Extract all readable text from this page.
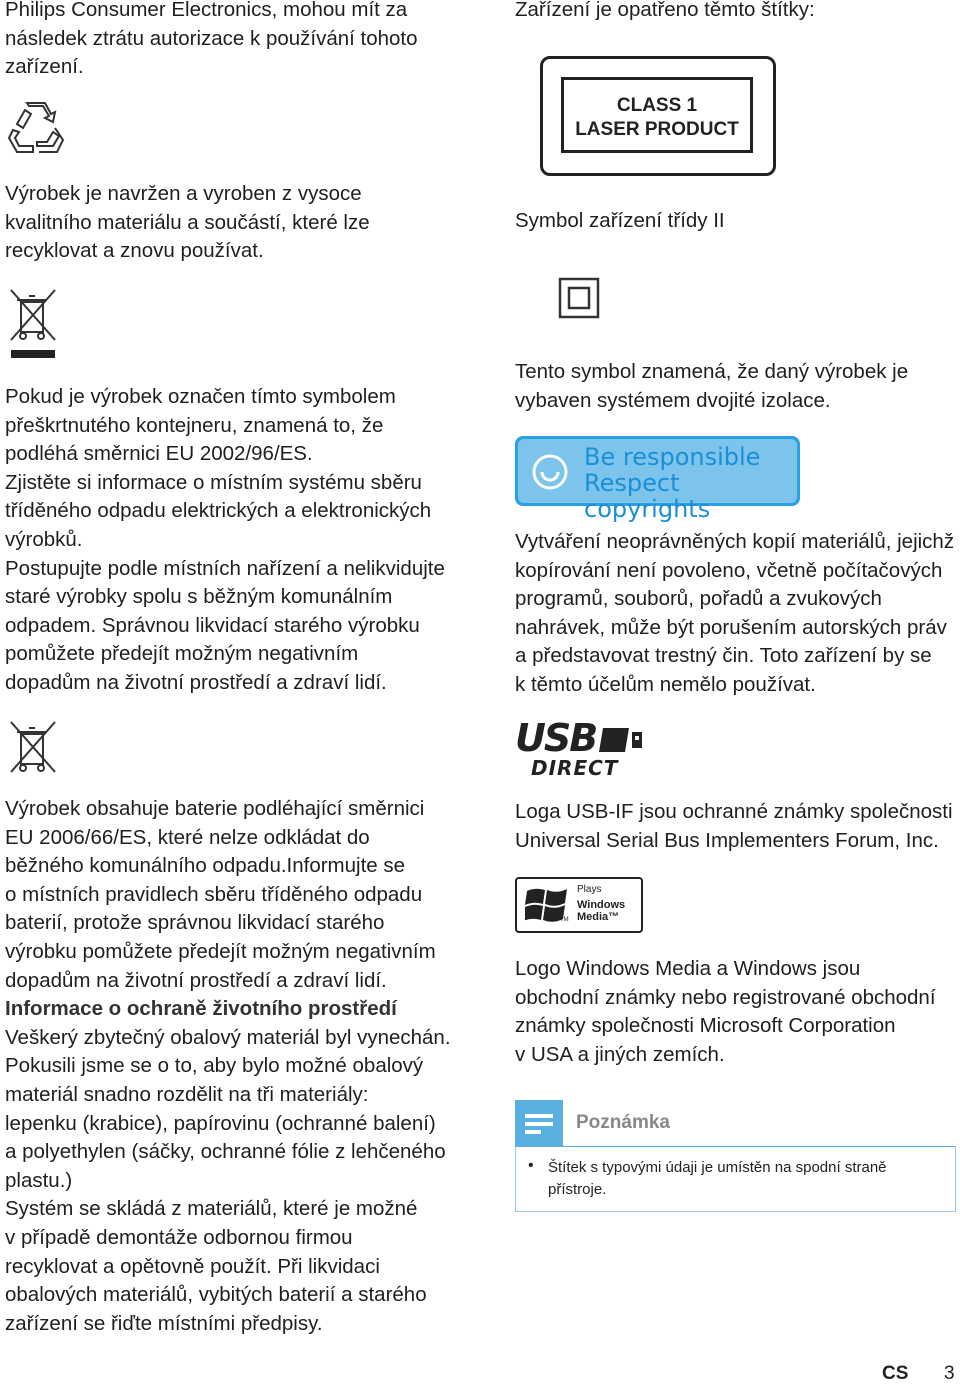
Philips Consumer Electronics, mohou mít za

následek ztrátu autorizace k používání tohoto

zařízení.

Výrobek je navržen a vyroben z vysoce

kvalitního materiálu a součástí, které lze

recyklovat a znovu používat.

Pokud je výrobek označen tímto symbolem

přeškrtnutého kontejneru, znamená to, že

podléhá směrnici EU 2002/96/ES.

Zjistěte si informace o místním systému sběru

tříděného odpadu elektrických a elektronických

výrobků.

Postupujte podle místních nařízení a nelikvidujte

staré výrobky spolu s běžným komunálním

odpadem. Správnou likvidací starého výrobku

pomůžete předejít možným negativním

dopadům na životní prostředí a zdraví lidí.

Výrobek obsahuje baterie podléhající směrnici

EU 2006/66/ES, které nelze odkládat do

běžného komunálního odpadu.Informujte se

o místních pravidlech sběru tříděného odpadu

baterií, protože správnou likvidací starého

výrobku pomůžete předejít možným negativním

dopadům na životní prostředí a zdraví lidí.

Informace o ochraně životního prostředí

Veškerý zbytečný obalový materiál byl vynechán.

Pokusili jsme se o to, aby bylo možné obalový

materiál snadno rozdělit na tři materiály:

lepenku (krabice), papírovinu (ochranné balení)

a polyethylen (sáčky, ochranné fólie z lehčeného

plastu.)

Systém se skládá z materiálů, které je možné

v případě demontáže odbornou firmou

recyklovat a opětovně použít. Při likvidaci

obalových materiálů, vybitých baterií a starého

zařízení se řiďte místními předpisy.

Zařízení je opatřeno těmto štítky:

CLASS 1
LASER PRODUCT

Symbol zařízení třídy II

Tento symbol znamená, že daný výrobek je

vybaven systémem dvojité izolace.

Be responsible
Respect copyrights

Vytváření neoprávněných kopií materiálů, jejichž

kopírování není povoleno, včetně počítačových

programů, souborů, pořadů a zvukových

nahrávek, může být porušením autorských práv

a představovat trestný čin. Toto zařízení by se

k těmto účelům nemělo používat.

USB
DIRECT

Loga USB-IF jsou ochranné známky společnosti

Universal Serial Bus Implementers Forum, Inc.

TM
Plays
Windows
Media™

Logo Windows Media a Windows jsou

obchodní známky nebo registrované obchodní

známky společnosti Microsoft Corporation

v USA a jiných zemích.

Poznámka
• Štítek s typovými údaji je umístěn na spodní straně
přístroje.
CS 3
